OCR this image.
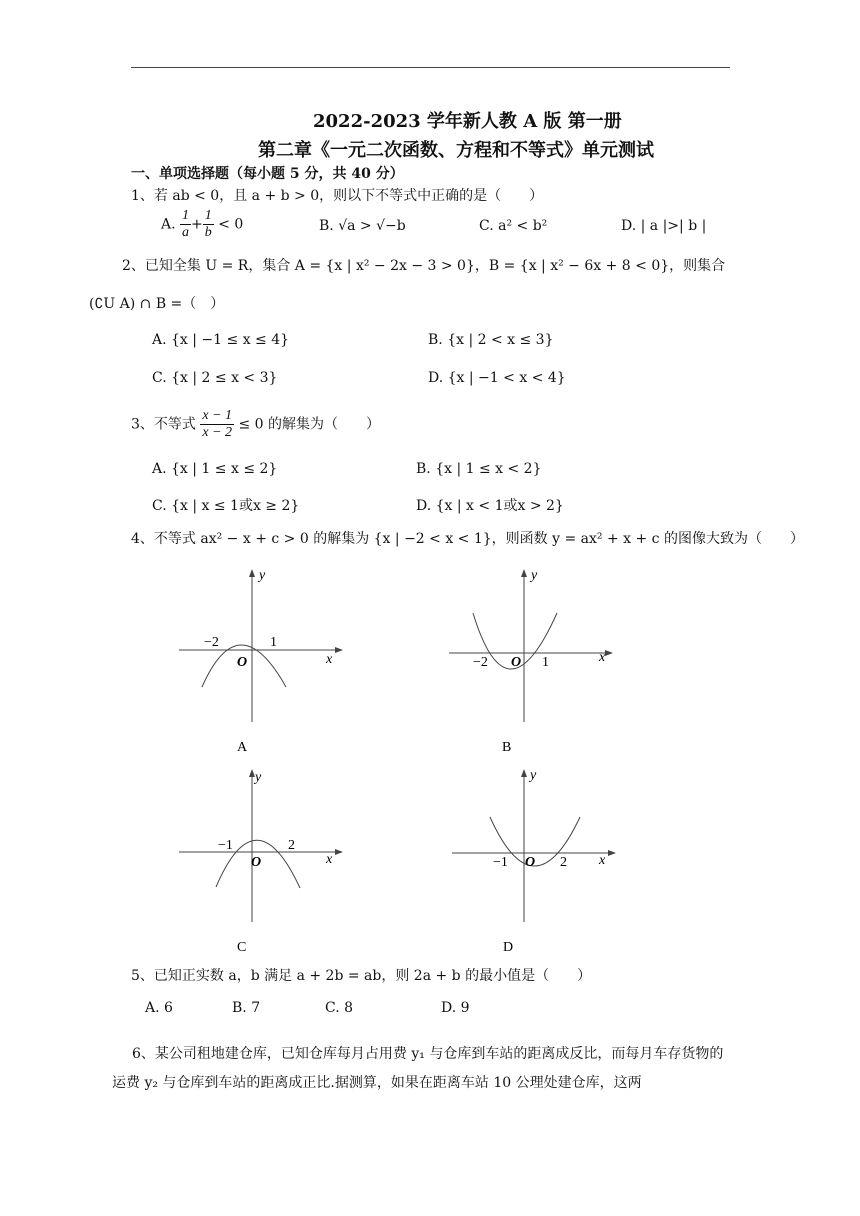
2022-2023 学年新人教 A 版 第一册
第二章《一元二次函数、方程和不等式》单元测试
一、单项选择题（每小题 5 分，共 40 分）
1、若 ab < 0，且 a + b > 0，则以下不等式中正确的是（　　）
A. $\frac{1}{a} + \frac{1}{b} < 0$	B. √a > √−b	C. a² < b²	D. | a |>| b |
2、已知全集 U = R，集合 A = {x | x² − 2x − 3 > 0}，B = {x | x² − 6x + 8 < 0}，则集合
(∁U A) ∩ B =（　）
A. {x | −1 ≤ x ≤ 4}	B. {x | 2 < x ≤ 3}
C. {x | 2 ≤ x < 3}	D. {x | −1 < x < 4}
3、不等式 $\frac{x - 1}{x - 2} \le 0$ 的解集为（　　）
A. {x | 1 ≤ x ≤ 2}	B. {x | 1 ≤ x < 2}
C. {x | x ≤ 1或x ≥ 2}	D. {x | x < 1或x > 2}
4、不等式 ax² − x + c > 0 的解集为 {x | −2 < x < 1}，则函数 y = ax² + x + c 的图像大致为（　　）
y
x
O
−2	1
A
y
x
O
−2	1
B
y
x
O
−1	2
C
y
x
O
−1	2
D
5、已知正实数 a，b 满足 a + 2b = ab，则 2a + b 的最小值是（　　）
A. 6	B. 7	C. 8	D. 9
6、某公司租地建仓库，已知仓库每月占用费 y₁ 与仓库到车站的距离成反比，而每月车存货物的运费 y₂ 与仓库到车站的距离成正比.据测算，如果在距离车站 10 公理处建仓库，这两
